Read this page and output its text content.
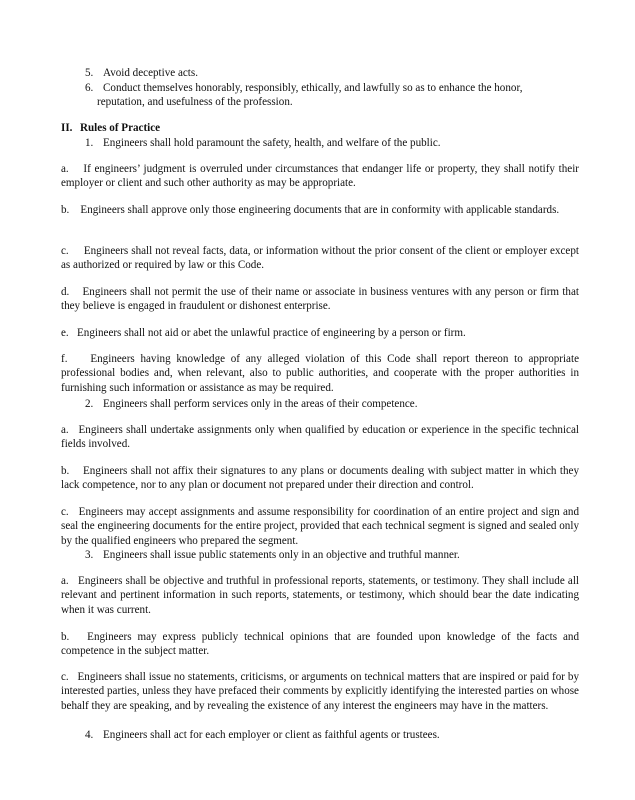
5. Avoid deceptive acts.
6. Conduct themselves honorably, responsibly, ethically, and lawfully so as to enhance the honor,
reputation, and usefulness of the profession.
II. Rules of Practice
1. Engineers shall hold paramount the safety, health, and welfare of the public.
a.    If engineers’ judgment is overruled under circumstances that endanger life or property, they shall notify their employer or client and such other authority as may be appropriate.
b.    Engineers shall approve only those engineering documents that are in conformity with applicable standards.
c.     Engineers shall not reveal facts, data, or information without the prior consent of the client or employer except as authorized or required by law or this Code.
d.    Engineers shall not permit the use of their name or associate in business ventures with any person or firm that they believe is engaged in fraudulent or dishonest enterprise.
e.   Engineers shall not aid or abet the unlawful practice of engineering by a person or firm.
f.    Engineers having knowledge of any alleged violation of this Code shall report thereon to appropriate professional bodies and, when relevant, also to public authorities, and cooperate with the proper authorities in furnishing such information or assistance as may be required.
2. Engineers shall perform services only in the areas of their competence.
a.   Engineers shall undertake assignments only when qualified by education or experience in the specific technical fields involved.
b.    Engineers shall not affix their signatures to any plans or documents dealing with subject matter in which they lack competence, nor to any plan or document not prepared under their direction and control.
c.   Engineers may accept assignments and assume responsibility for coordination of an entire project and sign and seal the engineering documents for the entire project, provided that each technical segment is signed and sealed only by the qualified engineers who prepared the segment.
3. Engineers shall issue public statements only in an objective and truthful manner.
a.   Engineers shall be objective and truthful in professional reports, statements, or testimony. They shall include all relevant and pertinent information in such reports, statements, or testimony, which should bear the date indicating when it was current.
b.   Engineers may express publicly technical opinions that are founded upon knowledge of the facts and competence in the subject matter.
c.   Engineers shall issue no statements, criticisms, or arguments on technical matters that are inspired or paid for by interested parties, unless they have prefaced their comments by explicitly identifying the interested parties on whose behalf they are speaking, and by revealing the existence of any interest the engineers may have in the matters.
4. Engineers shall act for each employer or client as faithful agents or trustees.
